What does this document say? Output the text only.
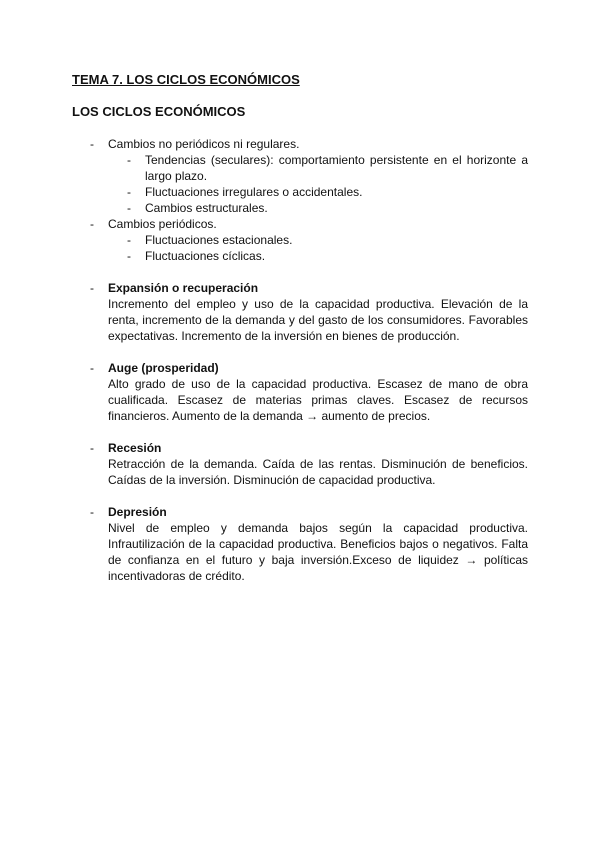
TEMA 7. LOS CICLOS ECONÓMICOS
LOS CICLOS ECONÓMICOS
-	Cambios no periódicos ni regulares.
-	Tendencias (seculares): comportamiento persistente en el horizonte a largo plazo.
-	Fluctuaciones irregulares o accidentales.
-	Cambios estructurales.
-	Cambios periódicos.
-	Fluctuaciones estacionales.
-	Fluctuaciones cíclicas.
-	Expansión o recuperación
Incremento del empleo y uso de la capacidad productiva. Elevación de la renta, incremento de la demanda y del gasto de los consumidores. Favorables expectativas. Incremento de la inversión en bienes de producción.
-	Auge (prosperidad)
Alto grado de uso de la capacidad productiva. Escasez de mano de obra cualificada. Escasez de materias primas claves. Escasez de recursos financieros. Aumento de la demanda → aumento de precios.
-	Recesión
Retracción de la demanda. Caída de las rentas. Disminución de beneficios. Caídas de la inversión. Disminución de capacidad productiva.
-	Depresión
Nivel de empleo y demanda bajos según la capacidad productiva. Infrautilización de la capacidad productiva. Beneficios bajos o negativos. Falta de confianza en el futuro y baja inversión.Exceso de liquidez → políticas incentivadoras de crédito.
